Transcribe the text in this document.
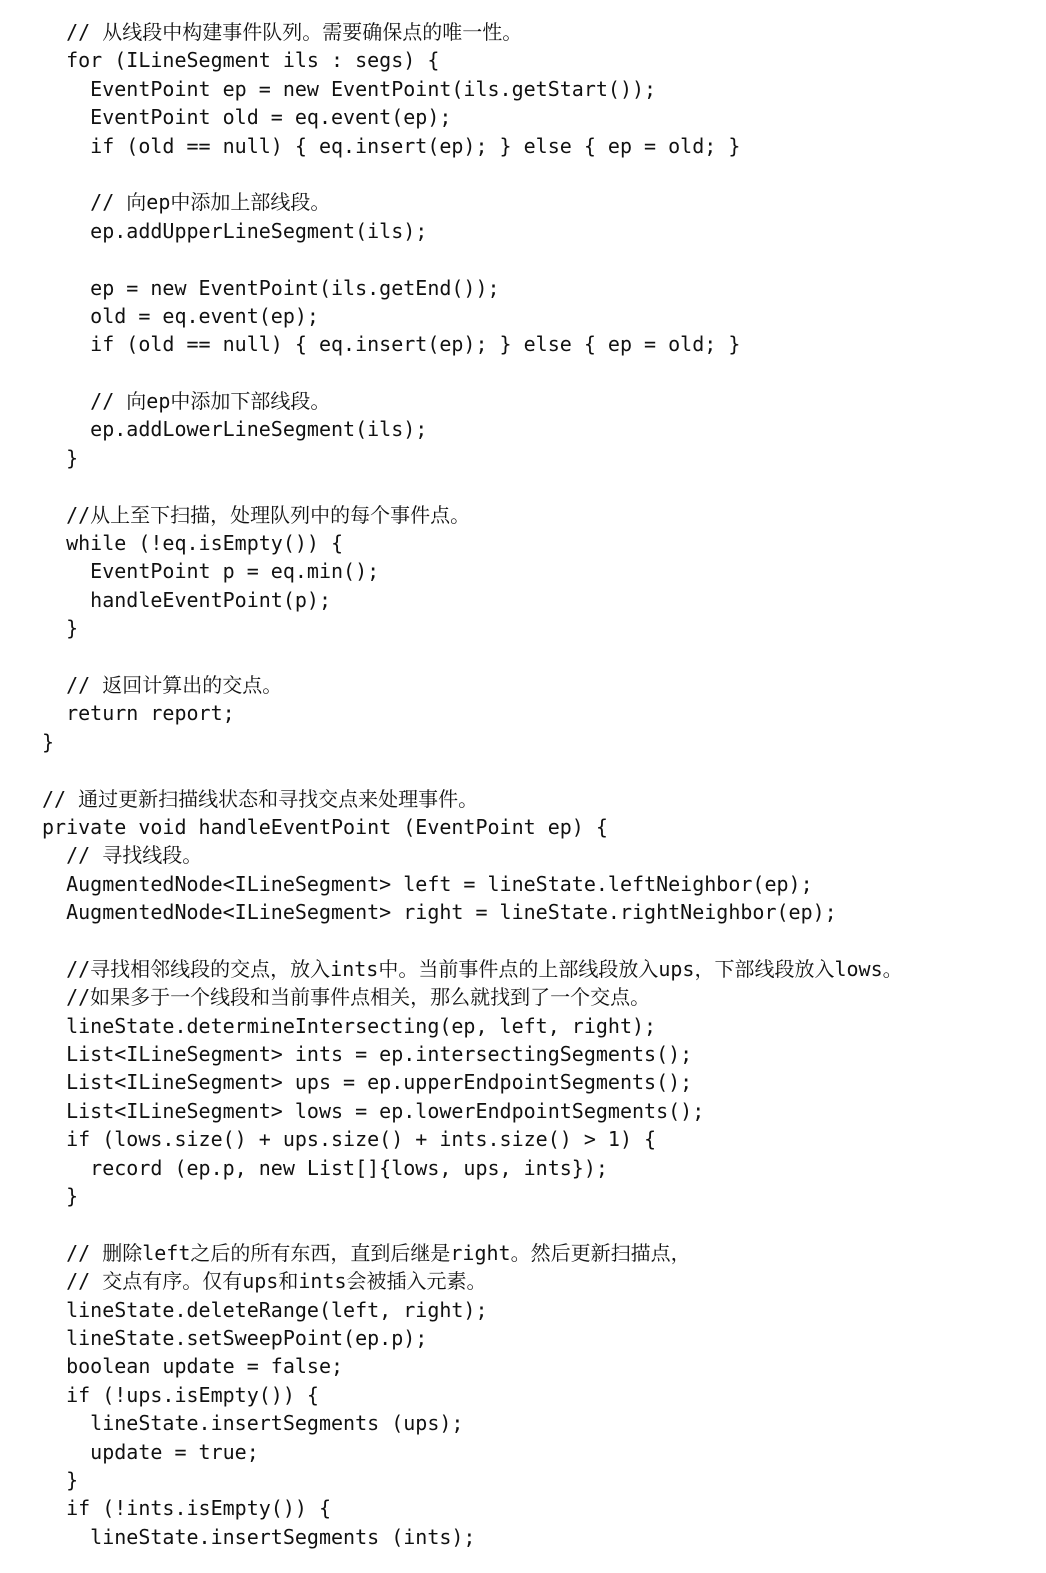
// 从线段中构建事件队列。需要确保点的唯一性。
for (ILineSegment ils : segs) {
EventPoint ep = new EventPoint(ils.getStart());
EventPoint old = eq.event(ep);
if (old == null) { eq.insert(ep); } else { ep = old; }
// 向ep中添加上部线段。
ep.addUpperLineSegment(ils);
ep = new EventPoint(ils.getEnd());
old = eq.event(ep);
if (old == null) { eq.insert(ep); } else { ep = old; }
// 向ep中添加下部线段。
ep.addLowerLineSegment(ils);
}
//从上至下扫描，处理队列中的每个事件点。
while (!eq.isEmpty()) {
EventPoint p = eq.min();
handleEventPoint(p);
}
// 返回计算出的交点。
return report;
}
// 通过更新扫描线状态和寻找交点来处理事件。
private void handleEventPoint (EventPoint ep) {
// 寻找线段。
AugmentedNode<ILineSegment> left = lineState.leftNeighbor(ep);
AugmentedNode<ILineSegment> right = lineState.rightNeighbor(ep);
//寻找相邻线段的交点，放入ints中。当前事件点的上部线段放入ups，下部线段放入lows。
//如果多于一个线段和当前事件点相关，那么就找到了一个交点。
lineState.determineIntersecting(ep, left, right);
List<ILineSegment> ints = ep.intersectingSegments();
List<ILineSegment> ups = ep.upperEndpointSegments();
List<ILineSegment> lows = ep.lowerEndpointSegments();
if (lows.size() + ups.size() + ints.size() > 1) {
record (ep.p, new List[]{lows, ups, ints});
}
// 删除left之后的所有东西，直到后继是right。然后更新扫描点，
// 交点有序。仅有ups和ints会被插入元素。
lineState.deleteRange(left, right);
lineState.setSweepPoint(ep.p);
boolean update = false;
if (!ups.isEmpty()) {
lineState.insertSegments (ups);
update = true;
}
if (!ints.isEmpty()) {
lineState.insertSegments (ints);
